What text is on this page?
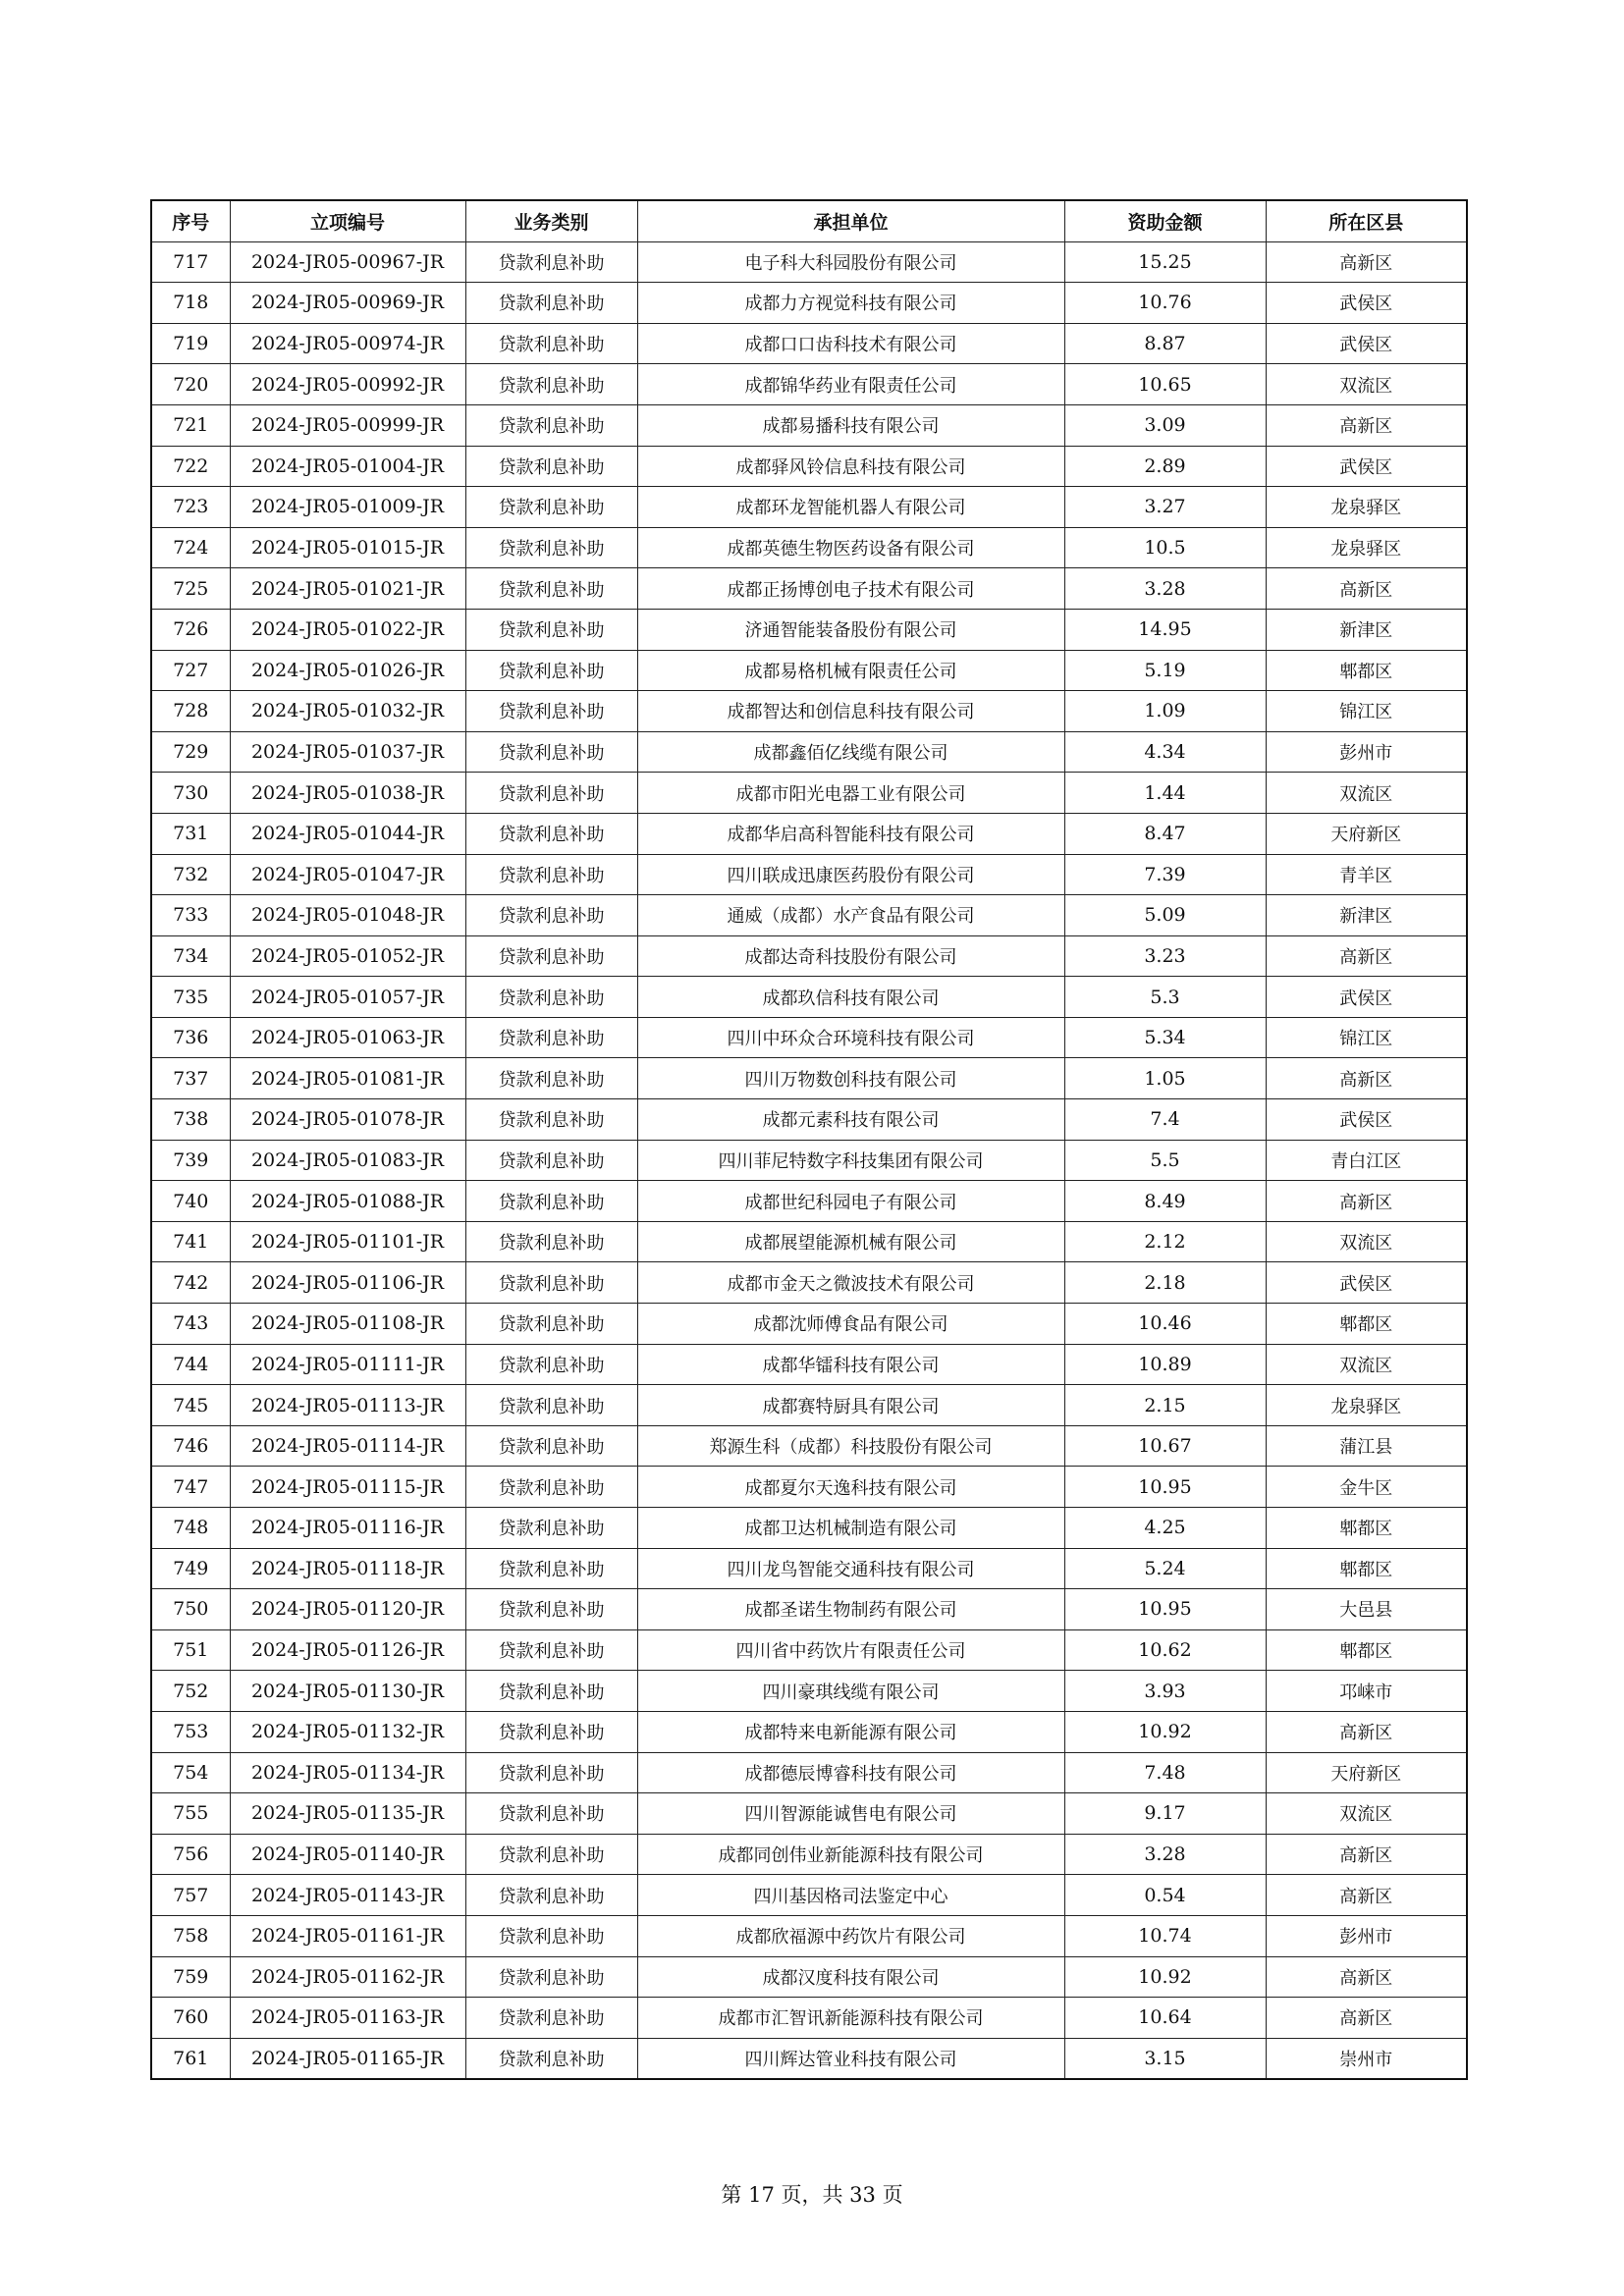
序号	立项编号	业务类别	承担单位	资助金额	所在区县
717	2024-JR05-00967-JR	贷款利息补助	电子科大科园股份有限公司	15.25	高新区
718	2024-JR05-00969-JR	贷款利息补助	成都力方视觉科技有限公司	10.76	武侯区
719	2024-JR05-00974-JR	贷款利息补助	成都口口齿科技术有限公司	8.87	武侯区
720	2024-JR05-00992-JR	贷款利息补助	成都锦华药业有限责任公司	10.65	双流区
721	2024-JR05-00999-JR	贷款利息补助	成都易播科技有限公司	3.09	高新区
722	2024-JR05-01004-JR	贷款利息补助	成都驿风铃信息科技有限公司	2.89	武侯区
723	2024-JR05-01009-JR	贷款利息补助	成都环龙智能机器人有限公司	3.27	龙泉驿区
724	2024-JR05-01015-JR	贷款利息补助	成都英德生物医药设备有限公司	10.5	龙泉驿区
725	2024-JR05-01021-JR	贷款利息补助	成都正扬博创电子技术有限公司	3.28	高新区
726	2024-JR05-01022-JR	贷款利息补助	济通智能装备股份有限公司	14.95	新津区
727	2024-JR05-01026-JR	贷款利息补助	成都易格机械有限责任公司	5.19	郫都区
728	2024-JR05-01032-JR	贷款利息补助	成都智达和创信息科技有限公司	1.09	锦江区
729	2024-JR05-01037-JR	贷款利息补助	成都鑫佰亿线缆有限公司	4.34	彭州市
730	2024-JR05-01038-JR	贷款利息补助	成都市阳光电器工业有限公司	1.44	双流区
731	2024-JR05-01044-JR	贷款利息补助	成都华启高科智能科技有限公司	8.47	天府新区
732	2024-JR05-01047-JR	贷款利息补助	四川联成迅康医药股份有限公司	7.39	青羊区
733	2024-JR05-01048-JR	贷款利息补助	通威（成都）水产食品有限公司	5.09	新津区
734	2024-JR05-01052-JR	贷款利息补助	成都达奇科技股份有限公司	3.23	高新区
735	2024-JR05-01057-JR	贷款利息补助	成都玖信科技有限公司	5.3	武侯区
736	2024-JR05-01063-JR	贷款利息补助	四川中环众合环境科技有限公司	5.34	锦江区
737	2024-JR05-01081-JR	贷款利息补助	四川万物数创科技有限公司	1.05	高新区
738	2024-JR05-01078-JR	贷款利息补助	成都元素科技有限公司	7.4	武侯区
739	2024-JR05-01083-JR	贷款利息补助	四川菲尼特数字科技集团有限公司	5.5	青白江区
740	2024-JR05-01088-JR	贷款利息补助	成都世纪科园电子有限公司	8.49	高新区
741	2024-JR05-01101-JR	贷款利息补助	成都展望能源机械有限公司	2.12	双流区
742	2024-JR05-01106-JR	贷款利息补助	成都市金天之微波技术有限公司	2.18	武侯区
743	2024-JR05-01108-JR	贷款利息补助	成都沈师傅食品有限公司	10.46	郫都区
744	2024-JR05-01111-JR	贷款利息补助	成都华镭科技有限公司	10.89	双流区
745	2024-JR05-01113-JR	贷款利息补助	成都赛特厨具有限公司	2.15	龙泉驿区
746	2024-JR05-01114-JR	贷款利息补助	郑源生科（成都）科技股份有限公司	10.67	蒲江县
747	2024-JR05-01115-JR	贷款利息补助	成都夏尔天逸科技有限公司	10.95	金牛区
748	2024-JR05-01116-JR	贷款利息补助	成都卫达机械制造有限公司	4.25	郫都区
749	2024-JR05-01118-JR	贷款利息补助	四川龙鸟智能交通科技有限公司	5.24	郫都区
750	2024-JR05-01120-JR	贷款利息补助	成都圣诺生物制药有限公司	10.95	大邑县
751	2024-JR05-01126-JR	贷款利息补助	四川省中药饮片有限责任公司	10.62	郫都区
752	2024-JR05-01130-JR	贷款利息补助	四川豪琪线缆有限公司	3.93	邛崃市
753	2024-JR05-01132-JR	贷款利息补助	成都特来电新能源有限公司	10.92	高新区
754	2024-JR05-01134-JR	贷款利息补助	成都德辰博睿科技有限公司	7.48	天府新区
755	2024-JR05-01135-JR	贷款利息补助	四川智源能诚售电有限公司	9.17	双流区
756	2024-JR05-01140-JR	贷款利息补助	成都同创伟业新能源科技有限公司	3.28	高新区
757	2024-JR05-01143-JR	贷款利息补助	四川基因格司法鉴定中心	0.54	高新区
758	2024-JR05-01161-JR	贷款利息补助	成都欣福源中药饮片有限公司	10.74	彭州市
759	2024-JR05-01162-JR	贷款利息补助	成都汉度科技有限公司	10.92	高新区
760	2024-JR05-01163-JR	贷款利息补助	成都市汇智讯新能源科技有限公司	10.64	高新区
761	2024-JR05-01165-JR	贷款利息补助	四川辉达管业科技有限公司	3.15	崇州市
第 17 页，共 33 页
